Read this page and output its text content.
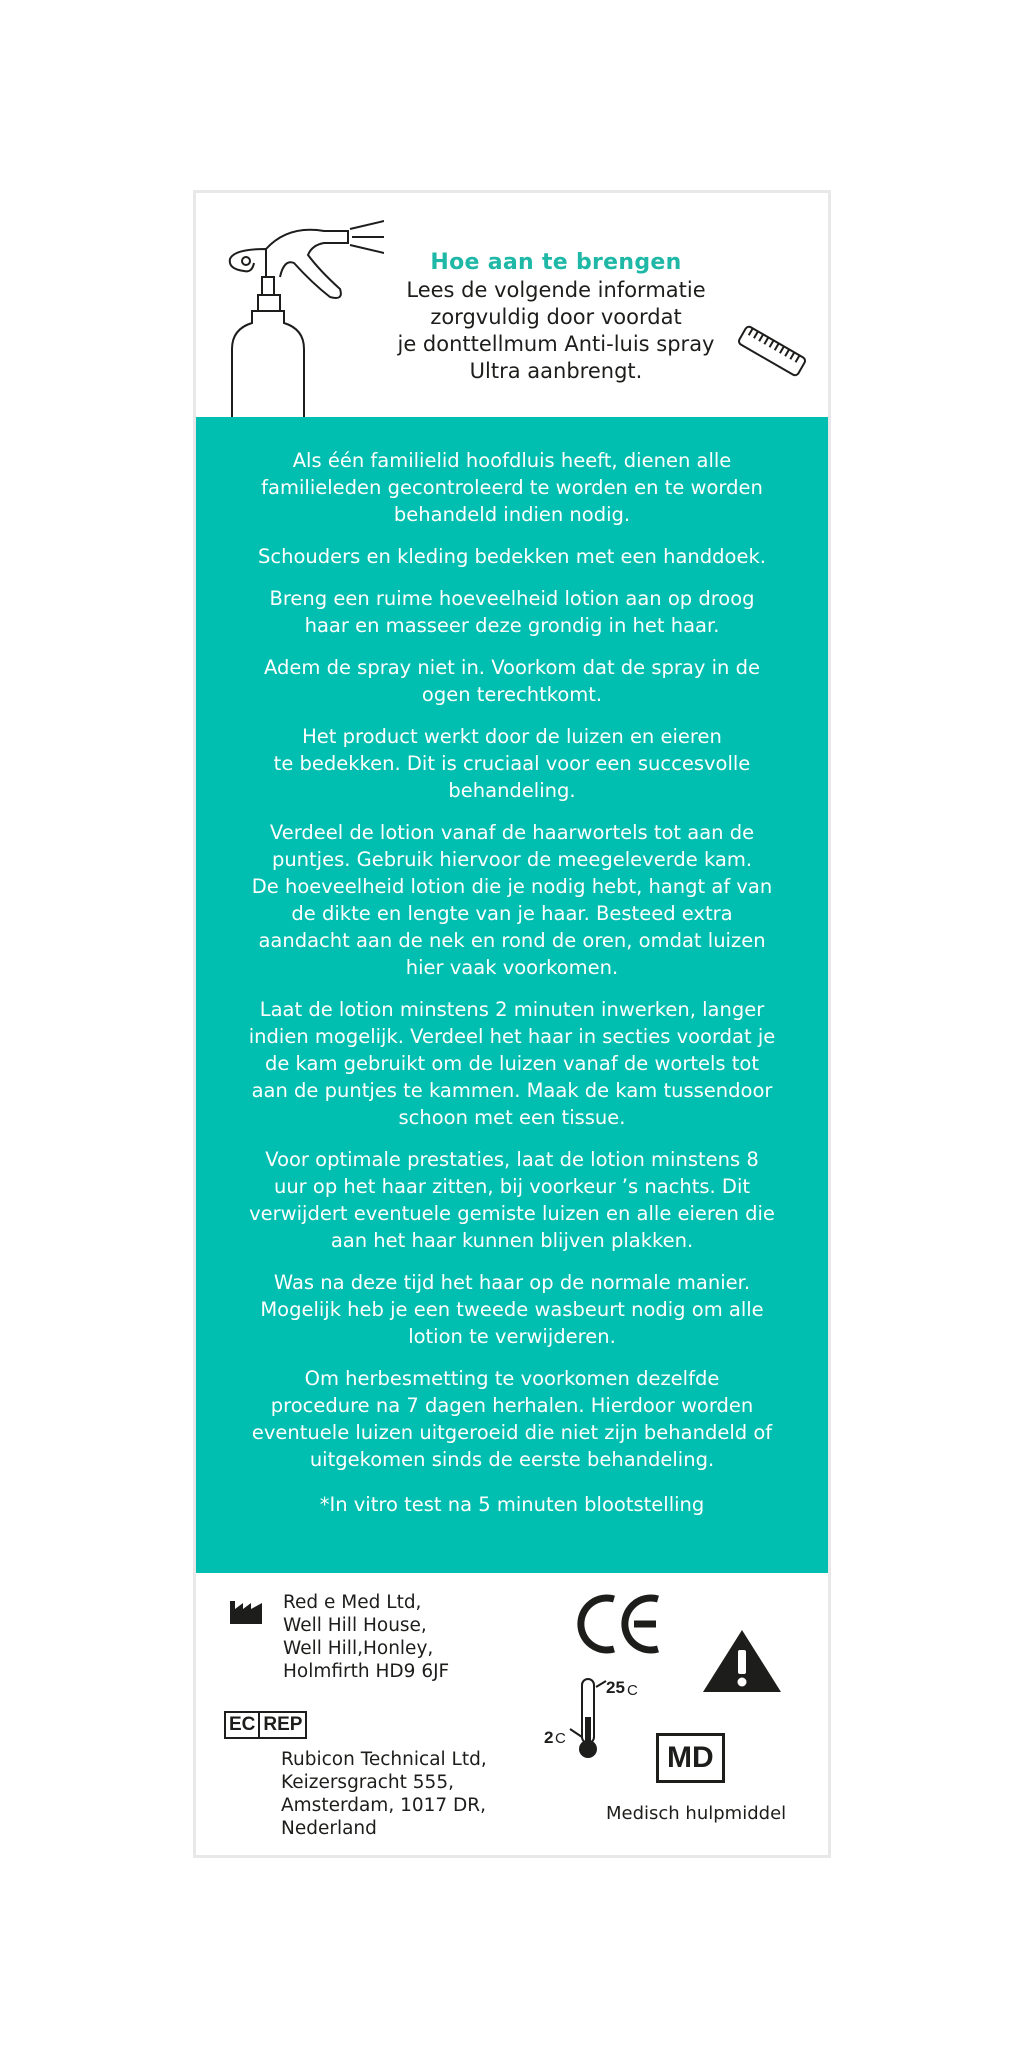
Hoe aan te brengen
Lees de volgende informatie
zorgvuldig door voordat
je donttellmum Anti-luis spray
Ultra aanbrengt.
Als één familielid hoofdluis heeft, dienen alle
familieleden gecontroleerd te worden en te worden
behandeld indien nodig.
Schouders en kleding bedekken met een handdoek.
Breng een ruime hoeveelheid lotion aan op droog
haar en masseer deze grondig in het haar.
Adem de spray niet in. Voorkom dat de spray in de
ogen terechtkomt.
Het product werkt door de luizen en eieren
te bedekken. Dit is cruciaal voor een succesvolle
behandeling.
Verdeel de lotion vanaf de haarwortels tot aan de
puntjes. Gebruik hiervoor de meegeleverde kam.
De hoeveelheid lotion die je nodig hebt, hangt af van
de dikte en lengte van je haar. Besteed extra
aandacht aan de nek en rond de oren, omdat luizen
hier vaak voorkomen.
Laat de lotion minstens 2 minuten inwerken, langer
indien mogelijk. Verdeel het haar in secties voordat je
de kam gebruikt om de luizen vanaf de wortels tot
aan de puntjes te kammen. Maak de kam tussendoor
schoon met een tissue.
Voor optimale prestaties, laat de lotion minstens 8
uur op het haar zitten, bij voorkeur ’s nachts. Dit
verwijdert eventuele gemiste luizen en alle eieren die
aan het haar kunnen blijven plakken.
Was na deze tijd het haar op de normale manier.
Mogelijk heb je een tweede wasbeurt nodig om alle
lotion te verwijderen.
Om herbesmetting te voorkomen dezelfde
procedure na 7 dagen herhalen. Hierdoor worden
eventuele luizen uitgeroeid die niet zijn behandeld of
uitgekomen sinds de eerste behandeling.
*In vitro test na 5 minuten blootstelling
Red e Med Ltd,
Well Hill House,
Well Hill,Honley,
Holmfirth HD9 6JF
EC REP
Rubicon Technical Ltd,
Keizersgracht 555,
Amsterdam, 1017 DR,
Nederland
25 C
2 C
MD
Medisch hulpmiddel
